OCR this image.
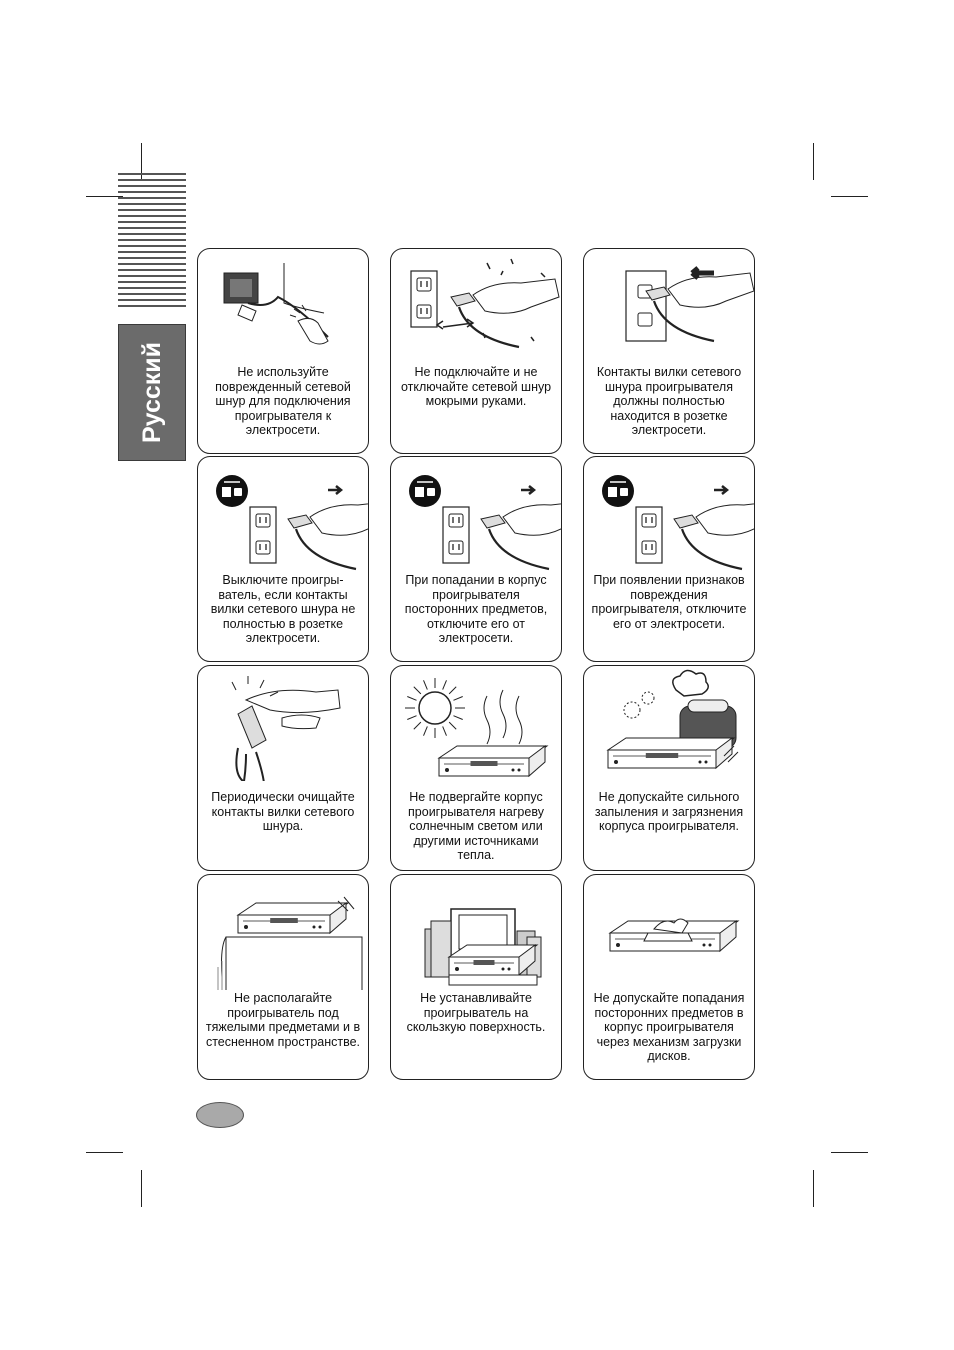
Русский	Не используйте
поврежденный сетевой
шнур для подключения
проигрывателя к
электросети.
Не подключайте и не
отключайте сетевой шнур
мокрыми руками.
Контакты вилки сетевого
шнура проигрывателя
должны полностью
находится в розетке
электросети.
Выключите проигры-
ватель, если контакты
вилки сетевого шнура не
полностью в розетке
электросети.
При попадании в корпус
проигрывателя
посторонних предметов,
отключите его от
электросети.
При появлении признаков
повреждения
проигрывателя, отключите
его от электросети.
Периодически очищайте
контакты вилки сетевого
шнура.
Не подвергайте корпус
проигрывателя нагреву
солнечным светом или
другими источниками
тепла.
Не допускайте сильного
запыления и загрязнения
корпуса проигрывателя.
Не располагайте
проигрыватель под
тяжелыми предметами и в
стесненном пространстве.
Не устанавливайте
проигрыватель на
скользкую поверхность.
Не допускайте попадания
посторонних предметов в
корпус проигрывателя
через механизм загрузки
дисков.
